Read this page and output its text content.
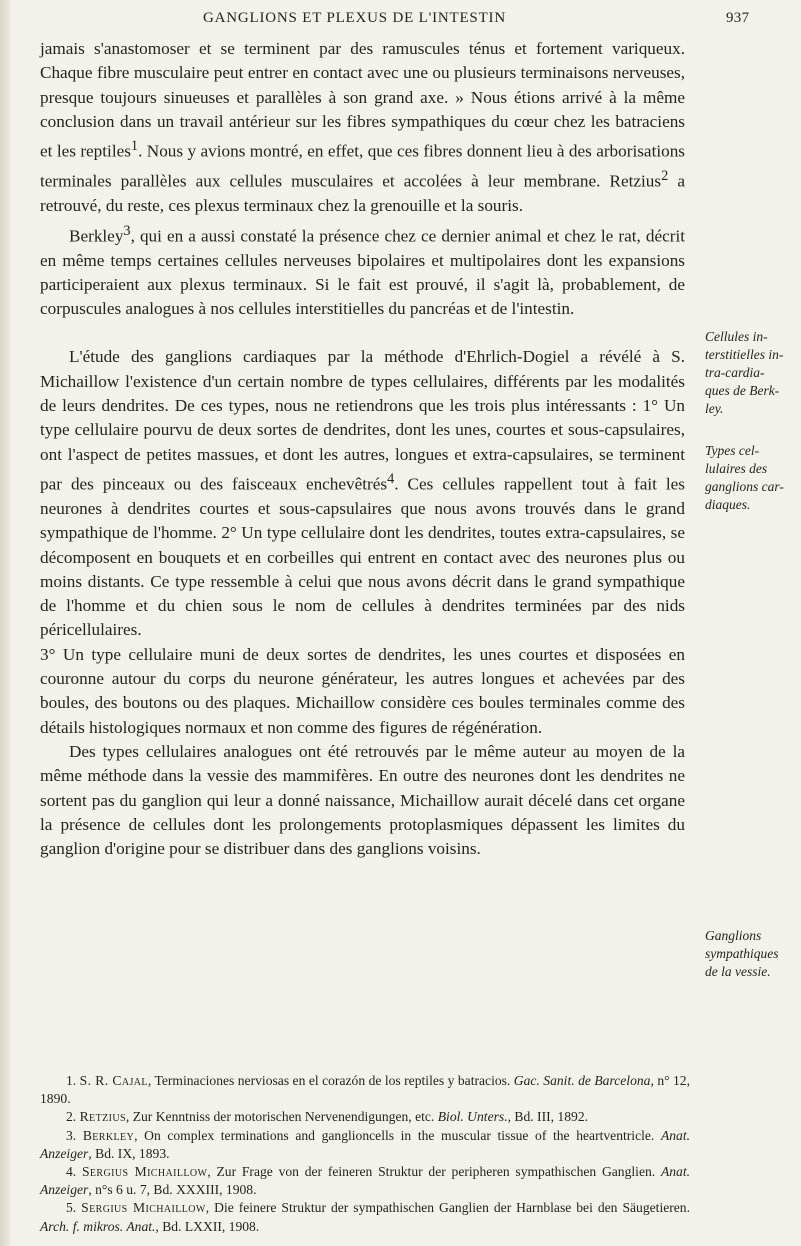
GANGLIONS ET PLEXUS DE L'INTESTIN	937

jamais s'anastomoser et se terminent par des ramuscules ténus et fortement variqueux. Chaque fibre musculaire peut entrer en contact avec une ou plusieurs terminaisons nerveuses, presque toujours sinueuses et parallèles à son grand axe. » Nous étions arrivé à la même conclusion dans un travail antérieur sur les fibres sympathiques du cœur chez les batraciens et les reptiles$^1$. Nous y avions montré, en effet, que ces fibres donnent lieu à des arborisations terminales parallèles aux cellules musculaires et accolées à leur membrane. Retzius$^2$ a retrouvé, du reste, ces plexus terminaux chez la grenouille et la souris.

Berkley$^3$, qui en a aussi constaté la présence chez ce dernier animal et chez le rat, décrit en même temps certaines cellules nerveuses bipolaires et multipolaires dont les expansions participeraient aux plexus terminaux. Si le fait est prouvé, il s'agit là, probablement, de corpuscules analogues à nos cellules interstitielles du pancréas et de l'intestin.

L'étude des ganglions cardiaques par la méthode d'Ehrlich-Dogiel a révélé à S. Michaillow l'existence d'un certain nombre de types cellulaires, différents par les modalités de leurs dendrites. De ces types, nous ne retiendrons que les trois plus intéressants : 1° Un type cellulaire pourvu de deux sortes de dendrites, dont les unes, courtes et sous-capsulaires, ont l'aspect de petites massues, et dont les autres, longues et extra-capsulaires, se terminent par des pinceaux ou des faisceaux enchevêtrés$^4$. Ces cellules rappellent tout à fait les neurones à dendrites courtes et sous-capsulaires que nous avons trouvés dans le grand sympathique de l'homme. 2° Un type cellulaire dont les dendrites, toutes extra-capsulaires, se décomposent en bouquets et en corbeilles qui entrent en contact avec des neurones plus ou moins distants. Ce type ressemble à celui que nous avons décrit dans le grand sympathique de l'homme et du chien sous le nom de cellules à dendrites terminées par des nids péricellulaires.

3° Un type cellulaire muni de deux sortes de dendrites, les unes courtes et disposées en couronne autour du corps du neurone générateur, les autres longues et achevées par des boules, des boutons ou des plaques. Michaillow considère ces boules terminales comme des détails histologiques normaux et non comme des figures de régénération.

Des types cellulaires analogues ont été retrouvés par le même auteur au moyen de la même méthode dans la vessie des mammifères. En outre des neurones dont les dendrites ne sortent pas du ganglion qui leur a donné naissance, Michaillow aurait décelé dans cet organe la présence de cellules dont les prolongements protoplasmiques dépassent les limites du ganglion d'origine pour se distribuer dans des ganglions voisins.

Cellules in-
terstitielles in-
tra-cardia-
ques de Berk-
ley.
Types cel-
lulaires des
ganglions car-
diaques.
Ganglions
sympathiques
de la vessie.

1. S. R. Cajal, Terminaciones nerviosas en el corazón de los reptiles y batracios. Gac. Sanit. de Barcelona, n° 12, 1890.

2. Retzius, Zur Kenntniss der motorischen Nervenendigungen, etc. Biol. Unters., Bd. III, 1892.

3. Berkley, On complex terminations and ganglioncells in the muscular tissue of the heartventricle. Anat. Anzeiger, Bd. IX, 1893.

4. Sergius Michaillow, Zur Frage von der feineren Struktur der peripheren sympathischen Ganglien. Anat. Anzeiger, n°s 6 u. 7, Bd. XXXIII, 1908.

5. Sergius Michaillow, Die feinere Struktur der sympathischen Ganglien der Harnblase bei den Säugetieren. Arch. f. mikros. Anat., Bd. LXXII, 1908.
